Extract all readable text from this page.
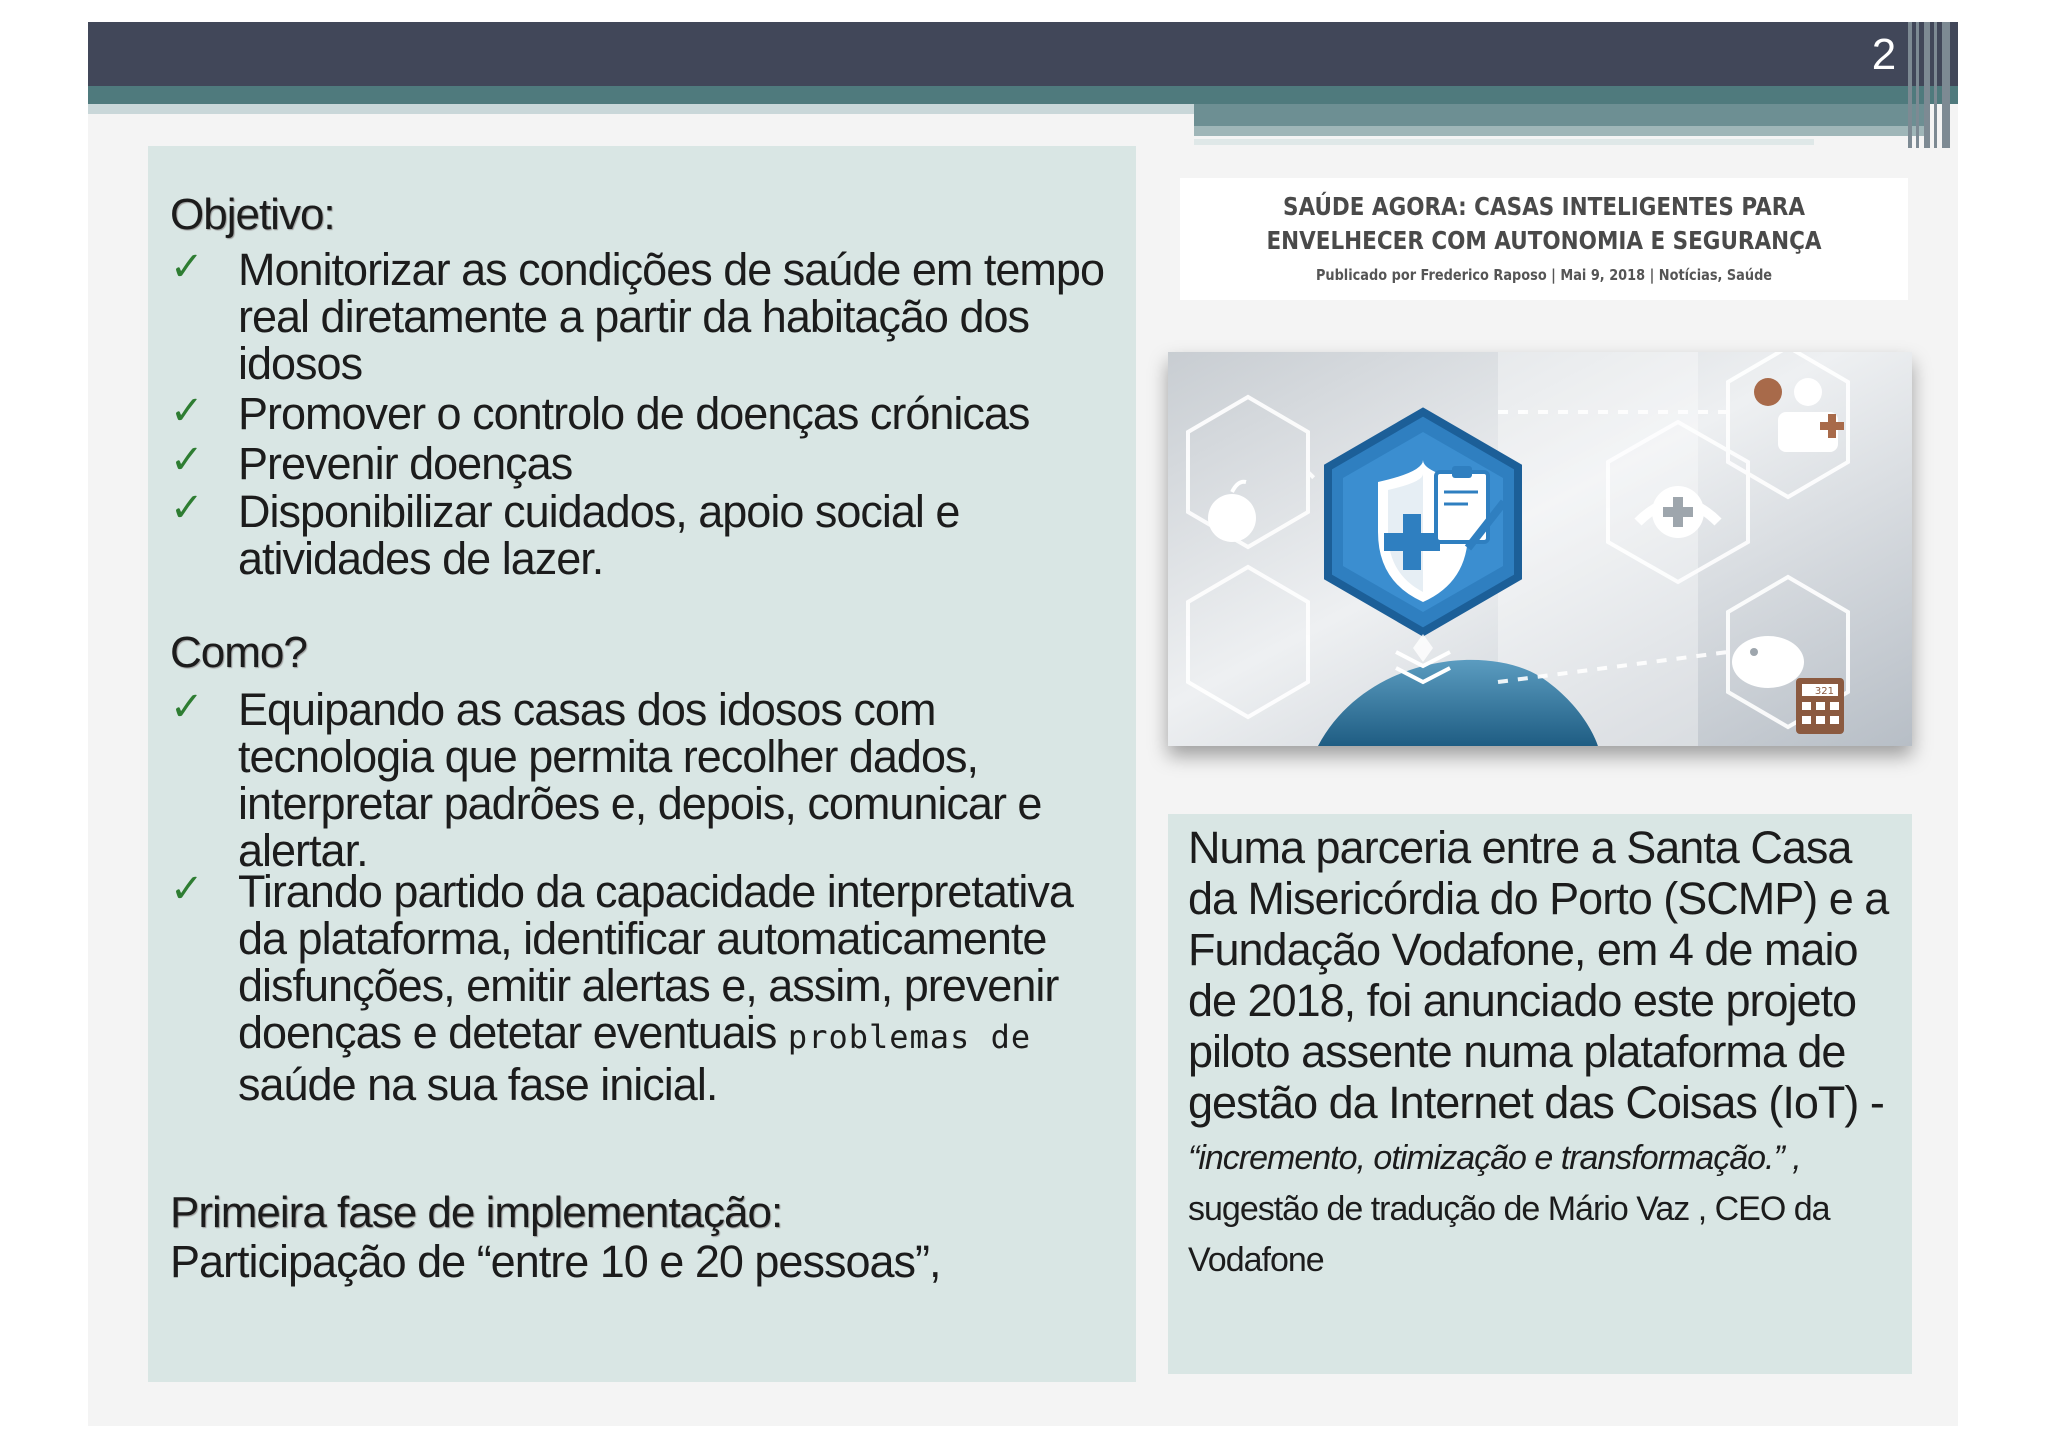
2
Objetivo:
✓ Monitorizar as condições de saúde em tempo real diretamente a partir da habitação dos idosos
✓ Promover o controlo de doenças crónicas
✓ Prevenir doenças
✓ Disponibilizar cuidados, apoio social e atividades de lazer.
Como?
✓ Equipando as casas dos idosos com tecnologia que permita recolher dados, interpretar padrões e, depois, comunicar e alertar.
✓ Tirando partido da capacidade interpretativa da plataforma, identificar automaticamente disfunções, emitir alertas e, assim, prevenir doenças e detetar eventuais problemas de saúde na sua fase inicial.
Primeira fase de implementação:
Participação de “entre 10 e 20 pessoas”,
SAÚDE AGORA: CASAS INTELIGENTES PARA ENVELHECER COM AUTONOMIA E SEGURANÇA
Publicado por Frederico Raposo | Mai 9, 2018 | Notícias, Saúde
321
Numa parceria entre a Santa Casa da Misericórdia do Porto (SCMP) e a Fundação Vodafone, em 4 de maio de 2018, foi anunciado este projeto piloto assente numa plataforma de gestão da Internet das Coisas (IoT) - “incremento, otimização e transformação.” , sugestão de tradução de Mário Vaz , CEO da Vodafone
